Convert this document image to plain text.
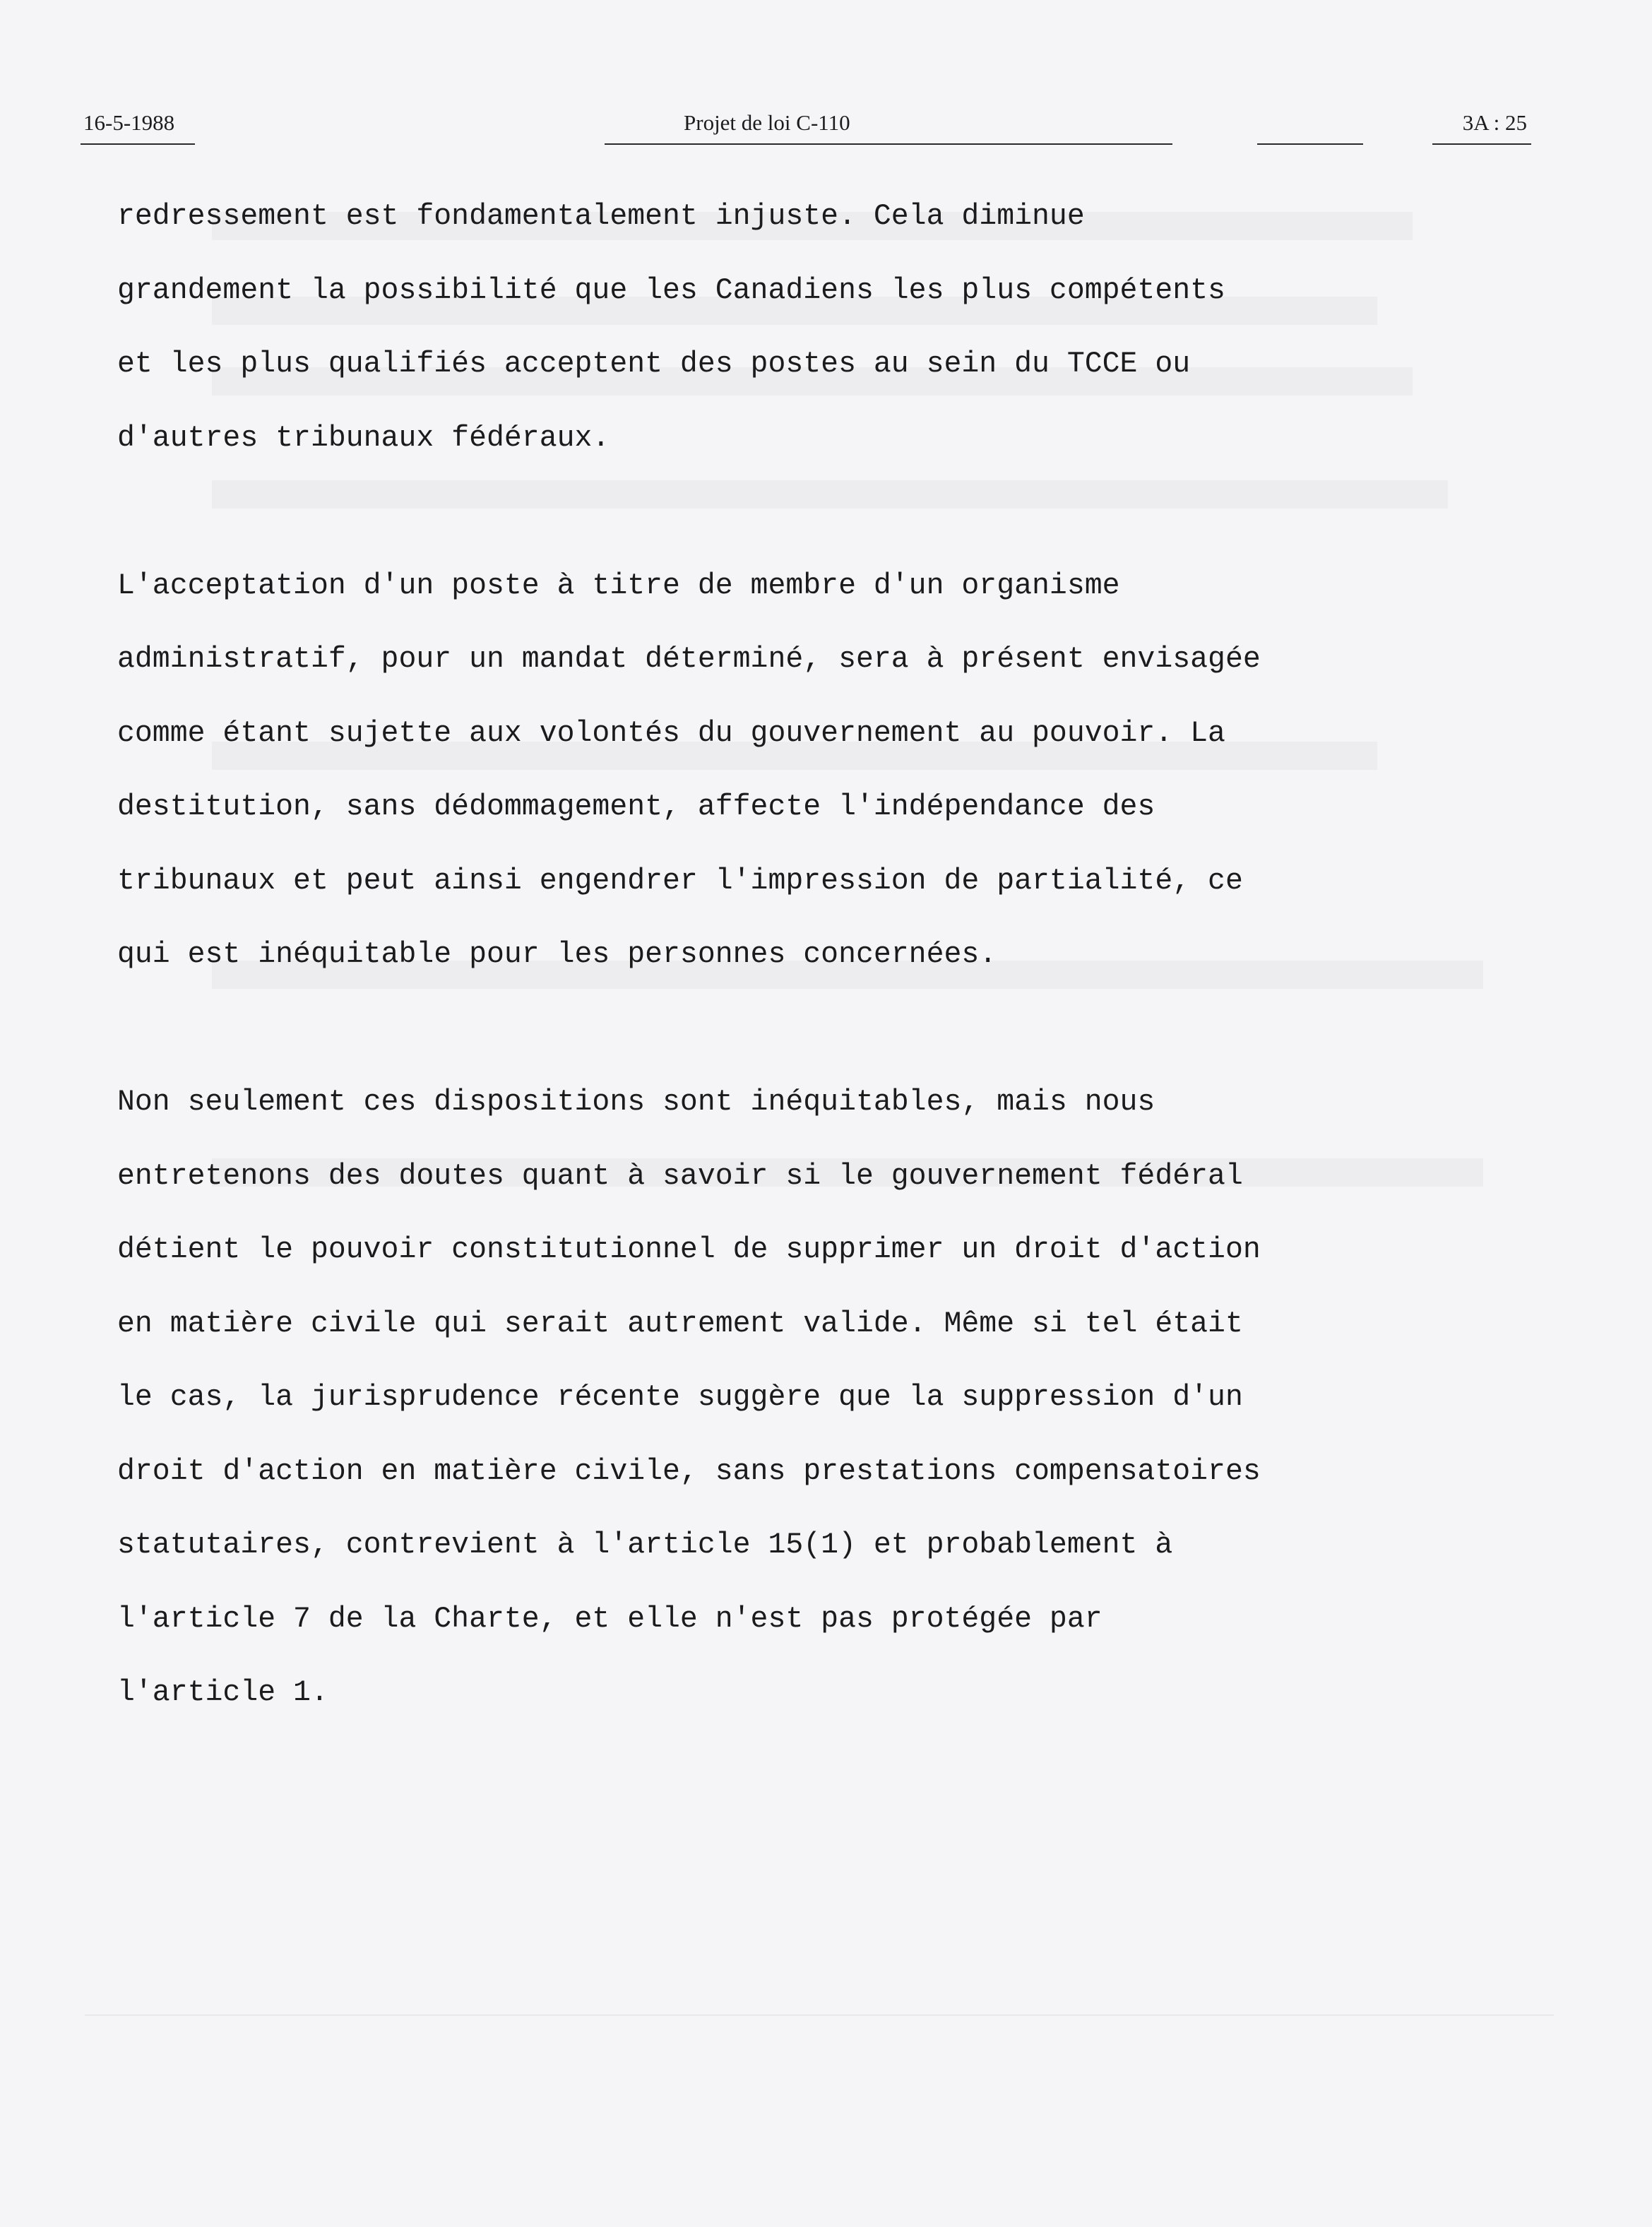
16-5-1988	Projet de loi C-110	3A : 25
redressement est fondamentalement injuste. Cela diminue
grandement la possibilité que les Canadiens les plus compétents
et les plus qualifiés acceptent des postes au sein du TCCE ou
d'autres tribunaux fédéraux.
L'acceptation d'un poste à titre de membre d'un organisme
administratif, pour un mandat déterminé, sera à présent envisagée
comme étant sujette aux volontés du gouvernement au pouvoir. La
destitution, sans dédommagement, affecte l'indépendance des
tribunaux et peut ainsi engendrer l'impression de partialité, ce
qui est inéquitable pour les personnes concernées.
Non seulement ces dispositions sont inéquitables, mais nous
entretenons des doutes quant à savoir si le gouvernement fédéral
détient le pouvoir constitutionnel de supprimer un droit d'action
en matière civile qui serait autrement valide. Même si tel était
le cas, la jurisprudence récente suggère que la suppression d'un
droit d'action en matière civile, sans prestations compensatoires
statutaires, contrevient à l'article 15(1) et probablement à
l'article 7 de la Charte, et elle n'est pas protégée par
l'article 1.
